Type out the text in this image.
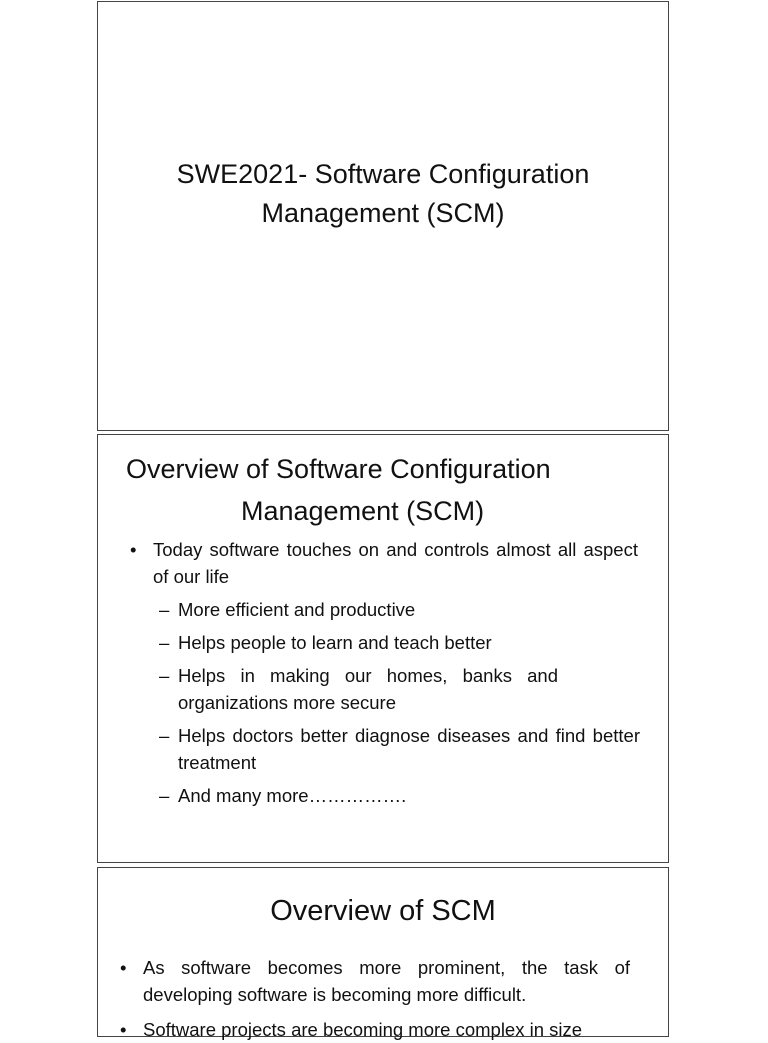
SWE2021- Software Configuration
Management (SCM)
Overview of Software Configuration
Management (SCM)
• Today software touches on and controls almost all aspect of our life
– More efficient and productive
– Helps people to learn and teach better
– Helps in making our homes, banks and organizations more secure
– Helps doctors better diagnose diseases and find better treatment
– And many more…………….
Overview of SCM
• As software becomes more prominent, the task of developing software is becoming more difficult.
• Software projects are becoming more complex in size
